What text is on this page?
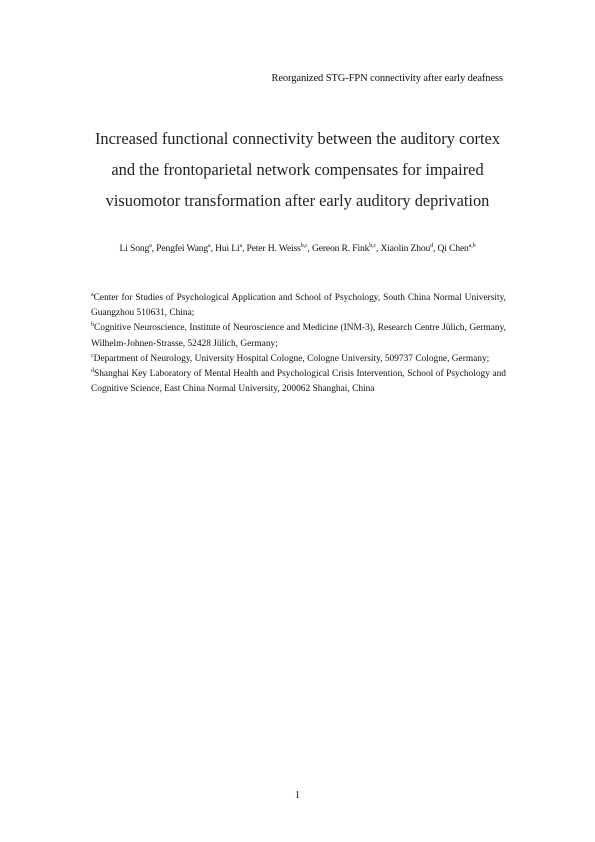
Reorganized STG-FPN connectivity after early deafness
Increased functional connectivity between the auditory cortex
and the frontoparietal network compensates for impaired
visuomotor transformation after early auditory deprivation
Li Song$^a$, Pengfei Wang$^a$, Hui Li$^a$, Peter H. Weiss$^{b,c}$, Gereon R. Fink$^{b,c}$, Xiaolin Zhou$^d$, Qi Chen$^{a,b}$

$^a$Center for Studies of Psychological Application and School of Psychology, South China Normal University, Guangzhou 510631, China;

$^b$Cognitive Neuroscience, Institute of Neuroscience and Medicine (INM-3), Research Centre Jülich, Germany, Wilhelm-Johnen-Strasse, 52428 Jülich, Germany;

$^c$Department of Neurology, University Hospital Cologne, Cologne University, 509737 Cologne, Germany;

$^d$Shanghai Key Laboratory of Mental Health and Psychological Crisis Intervention, School of Psychology and Cognitive Science, East China Normal University, 200062 Shanghai, China

1
